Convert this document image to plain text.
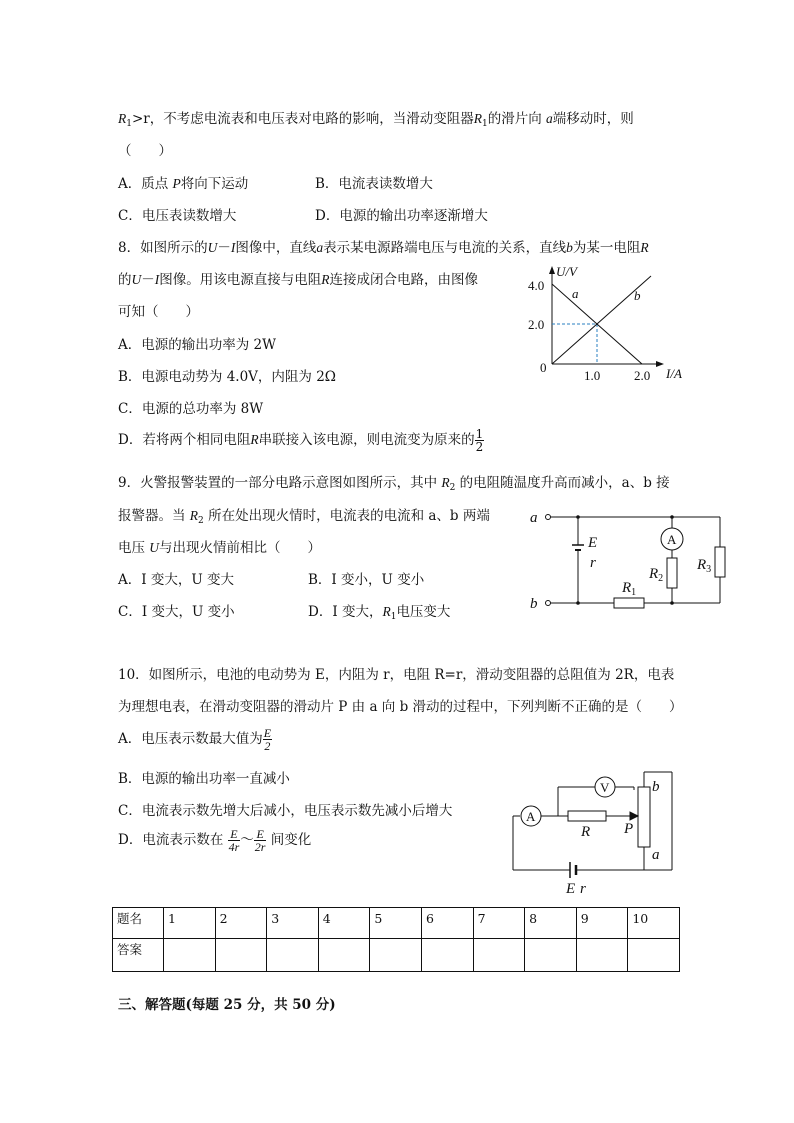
$R_1>r$，不考虑电流表和电压表对电路的影响，当滑动变阻器$R_1$的滑片向 a端移动时，则
（　　）
A．质点 P将向下运动	B．电流表读数增大
C．电压表读数增大	D．电源的输出功率逐渐增大
8．如图所示的U－I图像中，直线a表示某电源路端电压与电流的关系，直线b为某一电阻R
的U－I图像。用该电源直接与电阻R连接成闭合电路，由图像
可知（　　）
A．电源的输出功率为 2W
B．电源电动势为 4.0V，内阻为 2Ω
C．电源的总功率为 8W
D．若将两个相同电阻R串联接入该电源，则电流变为原来的 $\frac{1}{2}$
U/V
I/A
4.0
2.0
0
1.0	2.0
a	b
9．火警报警装置的一部分电路示意图如图所示，其中 $R_2$ 的电阻随温度升高而减小，a、b 接
报警器。当 $R_2$ 所在处出现火情时，电流表的电流和 a、b 两端
电压 U与出现火情前相比（　　）
A．I 变大，U 变大	B．I 变小，U 变小
C．I 变大，U 变小	D．I 变大，$R_1$电压变大
a
b
E
r
A
$R_1$
$R_2$
$R_3$
10．如图所示，电池的电动势为 E，内阻为 r，电阻 R=r，滑动变阻器的总阻值为 2R，电表
为理想电表，在滑动变阻器的滑动片 P 由 a 向 b 滑动的过程中，下列判断不正确的是（　　）
A．电压表示数最大值为 $\frac{E}{2}$
B．电源的输出功率一直减小
C．电流表示数先增大后减小，电压表示数先减小后增大
D．电流表示数在 $\frac{E}{4r}$ ～ $\frac{E}{2r}$ 间变化
V
A
R P
b
a
E r
题名	1	2	3	4	5	6	7	8	9	10
答案										
三、解答题(每题 25 分，共 50 分)
